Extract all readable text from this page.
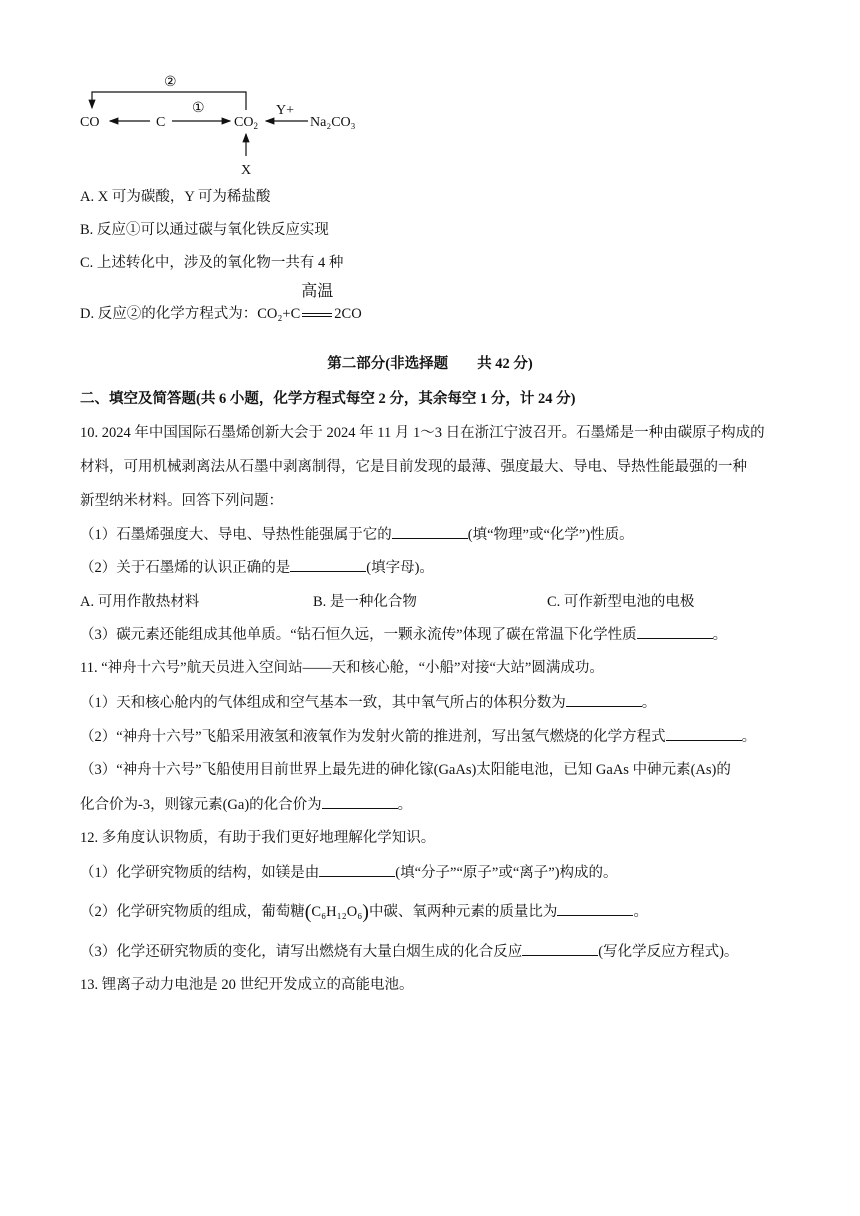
②
CO	C
①
$CO_2$
Y+
Na₂CO₃
X
A. X 可为碳酸，Y 可为稀盐酸
B. 反应①可以通过碳与氧化铁反应实现
C. 上述转化中，涉及的氧化物一共有 4 种
D. 反应②的化学方程式为：CO₂+C
高温
2CO
第二部分(非选择题　　共 42 分)
二、填空及简答题(共 6 小题，化学方程式每空 2 分，其余每空 1 分，计 24 分)
10. 2024 年中国国际石墨烯创新大会于 2024 年 11 月 1～3 日在浙江宁波召开。石墨烯是一种由碳原子构成的
材料，可用机械剥离法从石墨中剥离制得，它是目前发现的最薄、强度最大、导电、导热性能最强的一种
新型纳米材料。回答下列问题：
（1）石墨烯强度大、导电、导热性能强属于它的	(填“物理”或“化学”)性质。
（2）关于石墨烯的认识正确的是	(填字母)。
A. 可用作散热材料	B. 是一种化合物	C. 可作新型电池的电极
（3）碳元素还能组成其他单质。“钻石恒久远，一颗永流传”体现了碳在常温下化学性质	。
11. “神舟十六号”航天员进入空间站——天和核心舱，“小船”对接“大站”圆满成功。
（1）天和核心舱内的气体组成和空气基本一致，其中氧气所占的体积分数为	。
（2）“神舟十六号”飞船采用液氢和液氧作为发射火箭的推进剂，写出氢气燃烧的化学方程式	。
（3）“神舟十六号”飞船使用目前世界上最先进的砷化镓(GaAs)太阳能电池，已知 GaAs 中砷元素(As)的
化合价为-3，则镓元素(Ga)的化合价为	。
12. 多角度认识物质，有助于我们更好地理解化学知识。
（1）化学研究物质的结构，如镁是由	(填“分子”“原子”或“离子”)构成的。
（2）化学研究物质的组成，葡萄糖(C₆H₁₂O₆)中碳、氧两种元素的质量比为	。
（3）化学还研究物质的变化，请写出燃烧有大量白烟生成的化合反应	(写化学反应方程式)。
13. 锂离子动力电池是 20 世纪开发成立的高能电池。
